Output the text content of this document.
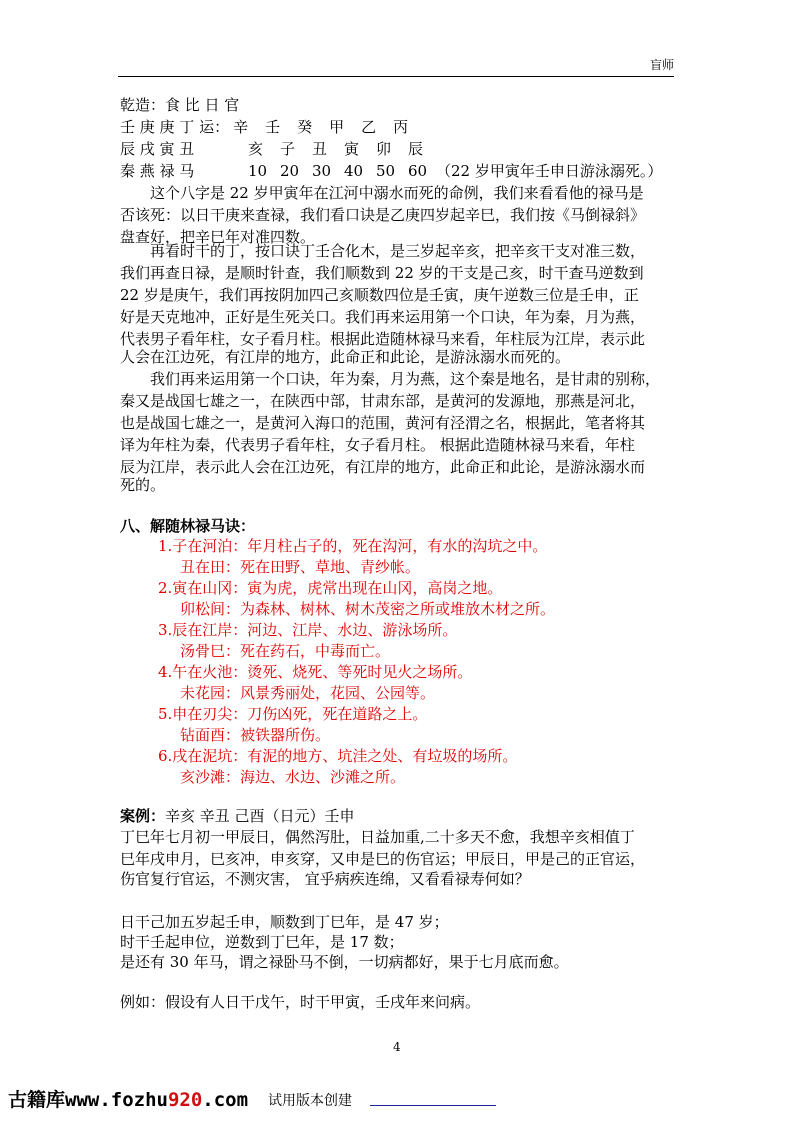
盲师
乾造：食 比 日 官
壬 庚 庚 丁 运： 辛 壬 癸 甲 乙 丙
辰 戌 寅 丑	亥 子 丑 寅 卯 辰
秦 燕 禄 马	10 20 30 40 50 60 （22 岁甲寅年壬申日游泳溺死。）
　　这个八字是 22 岁甲寅年在江河中溺水而死的命例，我们来看看他的禄马是
否该死：以日干庚来查禄，我们看口诀是乙庚四岁起辛巳，我们按《马倒禄斜》
盘查好，把辛巳年对准四数。
　　再看时干的丁，按口诀丁壬合化木，是三岁起辛亥，把辛亥干支对准三数，
我们再查日禄，是顺时针查，我们顺数到 22 岁的干支是己亥，时干查马逆数到
22 岁是庚午，我们再按阴加四己亥顺数四位是壬寅，庚午逆数三位是壬申，正
好是天克地冲，正好是生死关口。我们再来运用第一个口诀，年为秦，月为燕，
代表男子看年柱，女子看月柱。根据此造随林禄马来看，年柱辰为江岸，表示此
人会在江边死，有江岸的地方，此命正和此论，是游泳溺水而死的。
　　我们再来运用第一个口诀，年为秦，月为燕，这个秦是地名，是甘肃的别称，
秦又是战国七雄之一，在陕西中部，甘肃东部，是黄河的发源地，那燕是河北，
也是战国七雄之一，是黄河入海口的范围，黄河有泾渭之名，根据此，笔者将其
译为年柱为秦，代表男子看年柱，女子看月柱。 根据此造随林禄马来看，年柱
辰为江岸，表示此人会在江边死，有江岸的地方，此命正和此论，是游泳溺水而
死的。
八、解随林禄马诀：
1.子在河泊：年月柱占子的，死在沟河，有水的沟坑之中。
丑在田：死在田野、草地、青纱帐。
2.寅在山冈：寅为虎，虎常出现在山冈，高岗之地。
卯松间：为森林、树林、树木茂密之所或堆放木材之所。
3.辰在江岸：河边、江岸、水边、游泳场所。
汤骨巳：死在药石，中毒而亡。
4.午在火池：烫死、烧死、等死时见火之场所。
未花园：风景秀丽处，花园、公园等。
5.申在刃尖：刀伤凶死，死在道路之上。
钻面酉：被铁器所伤。
6.戌在泥坑：有泥的地方、坑洼之处、有垃圾的场所。
亥沙滩：海边、水边、沙滩之所。
案例：辛亥 辛丑 己酉（日元）壬申
丁巳年七月初一甲辰日，偶然泻肚，日益加重,二十多天不愈，我想辛亥相值丁
巳年戌申月，巳亥冲，申亥穿，又申是巳的伤官运；甲辰日，甲是己的正官运，
伤官复行官运，不测灾害， 宜乎病疾连绵，又看看禄寿何如？
日干己加五岁起壬申，顺数到丁巳年，是 47 岁；
时干壬起申位，逆数到丁巳年，是 17 数；
是还有 30 年马，谓之禄卧马不倒，一切病都好，果于七月底而愈。
例如：假设有人日干戊午，时干甲寅，壬戌年来问病。
4
古籍库www.fozhu920.com 试用版本创建
